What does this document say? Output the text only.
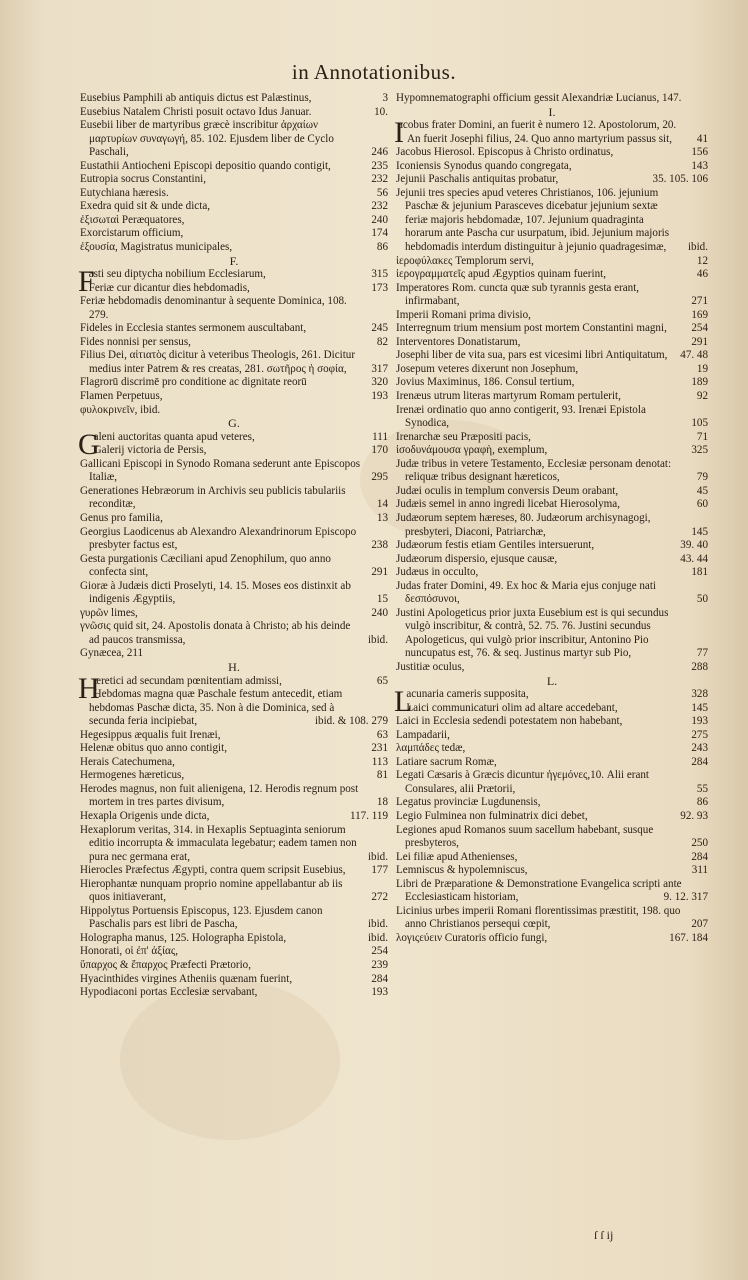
in Annotationibus.
Eusebius Pamphili ab antiquis dictus est Palæstinus,	3
Eusebius Natalem Christi posuit octavo Idus Januar.	10.
Eusebii liber de martyribus græcè inscribitur ἀρχαίων μαρτυρίων συναγωγή, 85. 102. Ejusdem liber de Cyclo Paschali,	246
Eustathii Antiocheni Episcopi depositio quando contigit,	235
Eutropia socrus Constantini,	232
Eutychiana hæresis.	56
Exedra quid sit & unde dicta,	232
ἐξισωταὶ Peræquatores,	240
Exorcistarum officium,	174
ἐξουσία, Magistratus municipales,	86
F.
F
asti seu diptycha nobilium Ecclesiarum,	315
Feriæ cur dicantur dies hebdomadis,	173
Feriæ hebdomadis denominantur à sequente Dominica, 108. 279.
Fideles in Ecclesia stantes sermonem auscultabant,	245
Fides nonnisi per sensus,	82
Filius Dei, αἰτιατὸς dicitur à veteribus Theologis, 261. Dicitur medius inter Patrem & res creatas, 281. σωτῆρος ἡ σοφία,	317
Flagrorū discrimē pro conditione ac dignitate reorū	320
Flamen Perpetuus,	193
φυλοκρινεῖν, ibid.
G.
G
aleni auctoritas quanta apud veteres,	111
Galerij victoria de Persis,	170
Gallicani Episcopi in Synodo Romana sederunt ante Episcopos Italiæ,	295
Generationes Hebræorum in Archivis seu publicis tabulariis reconditæ,	14
Genus pro familia,	13
Georgius Laodicenus ab Alexandro Alexandrinorum Episcopo presbyter factus est,	238
Gesta purgationis Cæciliani apud Zenophilum, quo anno confecta sint,	291
Gioræ à Judæis dicti Proselyti, 14. 15. Moses eos distinxit ab indigenis Ægyptiis,	15
γυρῶν limes,	240
γνῶσις quid sit, 24. Apostolis donata à Christo; ab his deinde ad paucos transmissa,	ibid.
Gynæcea, 211
H.
H
æretici ad secundam pœnitentiam admissi,	65
Hebdomas magna quæ Paschale festum antecedit, etiam hebdomas Paschæ dicta, 35. Non à die Dominica, sed à secunda feria incipiebat,	ibid. & 108. 279
Hegesippus æqualis fuit Irenæi,	63
Helenæ obitus quo anno contigit,	231
Herais Catechumena,	113
Hermogenes hæreticus,	81
Herodes magnus, non fuit alienigena, 12. Herodis regnum post mortem in tres partes divisum,	18
Hexapla Origenis unde dicta,	117. 119
Hexaplorum veritas, 314. in Hexaplis Septuaginta seniorum editio incorrupta & immaculata legebatur; eadem tamen non pura nec germana erat,	ibid.
Hierocles Præfectus Ægypti, contra quem scripsit Eusebius,	177
Hierophantæ nunquam proprio nomine appellabantur ab iis quos initiaverant,	272
Hippolytus Portuensis Episcopus, 123. Ejusdem canon Paschalis pars est libri de Pascha,	ibid.
Holographa manus, 125. Holographa Epistola,	ibid.
Honorati, οἱ ἐπ' ἀξίας,	254
ὕπαρχος & ἔπαρχος Præfecti Prætorio,	239
Hyacinthides virgines Atheniis quænam fuerint,	284
Hypodiaconi portas Ecclesiæ servabant,	193
Hypomnematographi officium gessit Alexandriæ Lucianus, 147.
I.
I
acobus frater Domini, an fuerit è numero 12. Apostolorum, 20. An fuerit Josephi filius, 24. Quo anno martyrium passus sit,	41
Jacobus Hierosol. Episcopus à Christo ordinatus,	156
Iconiensis Synodus quando congregata,	143
Jejunii Paschalis antiquitas probatur,	35. 105. 106
Jejunii tres species apud veteres Christianos, 106. jejunium Paschæ & jejunium Parasceves dicebatur jejunium sextæ feriæ majoris hebdomadæ, 107. Jejunium quadraginta horarum ante Pascha cur usurpatum, ibid. Jejunium majoris hebdomadis interdum distinguitur à jejunio quadragesimæ,	ibid.
ἱεροφύλακες Templorum servi,	12
ἱερογραμματεῖς apud Ægyptios quinam fuerint,	46
Imperatores Rom. cuncta quæ sub tyrannis gesta erant, infirmabant,	271
Imperii Romani prima divisio,	169
Interregnum trium mensium post mortem Constantini magni,	254
Interventores Donatistarum,	291
Josephi liber de vita sua, pars est vicesimi libri Antiquitatum,	47. 48
Josepum veteres dixerunt non Josephum,	19
Jovius Maximinus, 186. Consul tertium,	189
Irenæus utrum literas martyrum Romam pertulerit,	92
Irenæi ordinatio quo anno contigerit, 93. Irenæi Epistola Synodica,	105
Irenarchæ seu Præpositi pacis,	71
ἰσοδυνάμουσα γραφὴ, exemplum,	325
Judæ tribus in vetere Testamento, Ecclesiæ personam denotat: reliquæ tribus designant hæreticos,	79
Judæi oculis in templum conversis Deum orabant,	45
Judæis semel in anno ingredi licebat Hierosolyma,	60
Judæorum septem hæreses, 80. Judæorum archisynagogi, presbyteri, Diaconi, Patriarchæ,	145
Judæorum festis etiam Gentiles intersuerunt,	39. 40
Judæorum dispersio, ejusque causæ,	43. 44
Judæus in occulto,	181
Judas frater Domini, 49. Ex hoc & Maria ejus conjuge nati δεσπόσυνοι,	50
Justini Apologeticus prior juxta Eusebium est is qui secundus vulgò inscribitur, & contrà, 52. 75. 76. Justini secundus Apologeticus, qui vulgò prior inscribitur, Antonino Pio nuncupatus est, 76. & seq. Justinus martyr sub Pio,	77
Justitiæ oculus,	288
L.
L
acunaria cameris supposita,	328
Laici communicaturi olim ad altare accedebant,	145
Laici in Ecclesia sedendi potestatem non habebant,	193
Lampadarii,	275
λαμπάδες tedæ,	243
Latiare sacrum Romæ,	284
Legati Cæsaris à Græcis dicuntur ἡγεμόνες,10. Alii erant Consulares, alii Prætorii,	55
Legatus provinciæ Lugdunensis,	86
Legio Fulminea non fulminatrix dici debet,	92. 93
Legiones apud Romanos suum sacellum habebant, susque presbyteros,	250
Lei filiæ apud Athenienses,	284
Lemniscus & hypolemniscus,	311
Libri de Præparatione & Demonstratione Evangelica scripti ante Ecclesiasticam historiam,	9. 12. 317
Licinius urbes imperii Romani florentissimas præstitit, 198. quo anno Christianos persequi cœpit,	207
λογιςεύειν Curatoris officio fungi,	167. 184
ſ ſ ij
